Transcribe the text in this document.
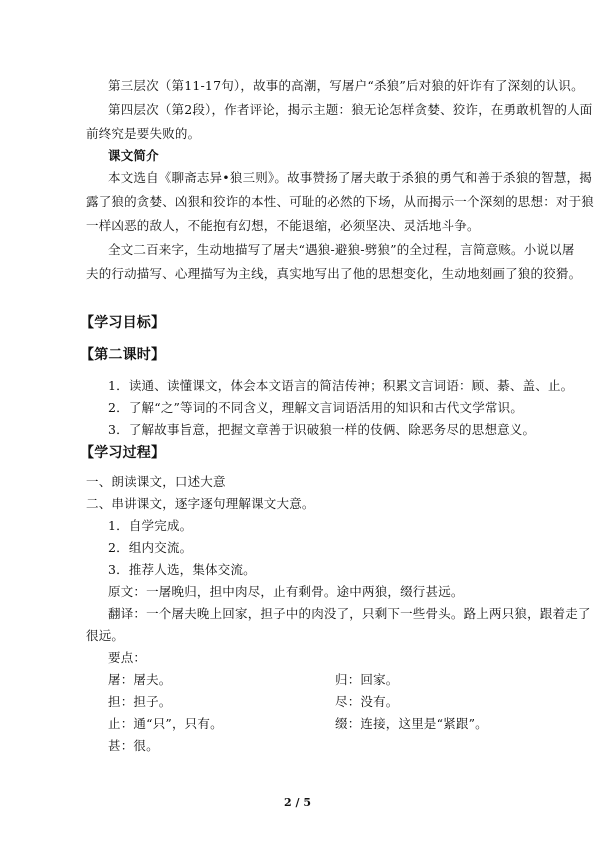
第三层次（第11-17句），故事的高潮，写屠户“杀狼”后对狼的奸诈有了深刻的认识。
第四层次（第2段），作者评论，揭示主题：狼无论怎样贪婪、狡诈，在勇敢机智的人面
前终究是要失败的。
课文简介
本文选自《聊斋志异•狼三则》。故事赞扬了屠夫敢于杀狼的勇气和善于杀狼的智慧，揭
露了狼的贪婪、凶狠和狡诈的本性、可耻的必然的下场，从而揭示一个深刻的思想：对于狼
一样凶恶的敌人，不能抱有幻想，不能退缩，必须坚决、灵活地斗争。
全文二百来字，生动地描写了屠夫“遇狼-避狼-劈狼”的全过程，言简意赅。小说以屠
夫的行动描写、心理描写为主线，真实地写出了他的思想变化，生动地刻画了狼的狡猾。
【学习目标】
【第二课时】
1．读通、读懂课文，体会本文语言的简洁传神；积累文言词语：顾、綦、盖、止。
2．了解“之”等词的不同含义，理解文言词语活用的知识和古代文学常识。
3．了解故事旨意，把握文章善于识破狼一样的伎俩、除恶务尽的思想意义。
【学习过程】
一、朗读课文，口述大意
二、串讲课文，逐字逐句理解课文大意。
1．自学完成。
2．组内交流。
3．推荐人选，集体交流。
原文：一屠晚归，担中肉尽，止有剩骨。途中两狼，缀行甚远。
翻译：一个屠夫晚上回家，担子中的肉没了，只剩下一些骨头。路上两只狼，跟着走了
很远。
要点：
屠：屠夫。	归：回家。
担：担子。	尽：没有。
止：通“只”，只有。	缀：连接，这里是“紧跟”。
甚：很。
2 / 5
